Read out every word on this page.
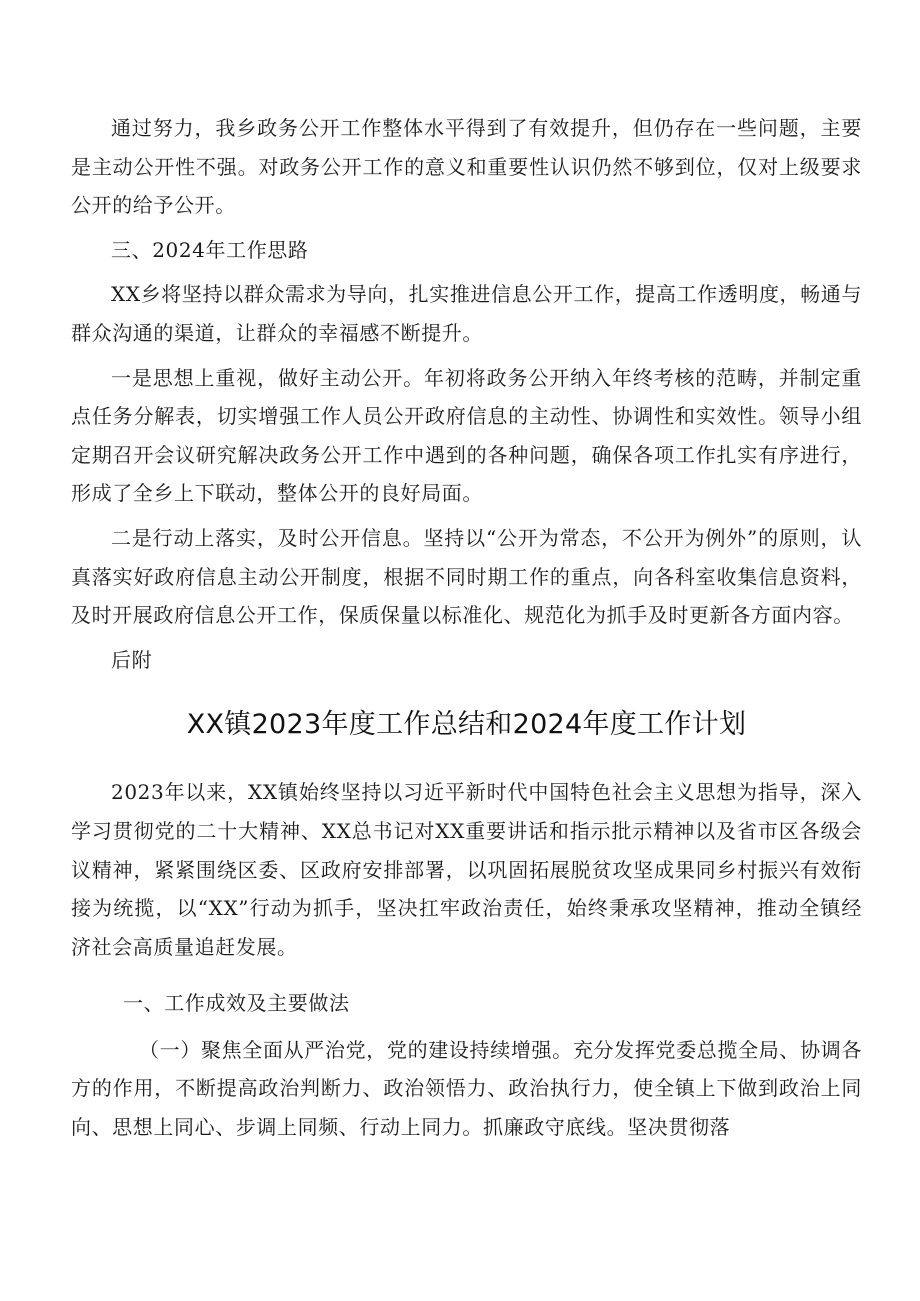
通过努力，我乡政务公开工作整体水平得到了有效提升，但仍存在一些问题，主要是主动公开性不强。对政务公开工作的意义和重要性认识仍然不够到位，仅对上级要求公开的给予公开。

三、2024年工作思路

XX乡将坚持以群众需求为导向，扎实推进信息公开工作，提高工作透明度，畅通与群众沟通的渠道，让群众的幸福感不断提升。

一是思想上重视，做好主动公开。年初将政务公开纳入年终考核的范畴，并制定重点任务分解表，切实增强工作人员公开政府信息的主动性、协调性和实效性。领导小组定期召开会议研究解决政务公开工作中遇到的各种问题，确保各项工作扎实有序进行，形成了全乡上下联动，整体公开的良好局面。

二是行动上落实，及时公开信息。坚持以“公开为常态，不公开为例外”的原则，认真落实好政府信息主动公开制度，根据不同时期工作的重点，向各科室收集信息资料，及时开展政府信息公开工作，保质保量以标准化、规范化为抓手及时更新各方面内容。

后附

XX镇2023年度工作总结和2024年度工作计划

2023年以来，XX镇始终坚持以习近平新时代中国特色社会主义思想为指导，深入学习贯彻党的二十大精神、XX总书记对XX重要讲话和指示批示精神以及省市区各级会议精神，紧紧围绕区委、区政府安排部署，以巩固拓展脱贫攻坚成果同乡村振兴有效衔接为统揽，以“XX”行动为抓手，坚决扛牢政治责任，始终秉承攻坚精神，推动全镇经济社会高质量追赶发展。

一、工作成效及主要做法

（一）聚焦全面从严治党，党的建设持续增强。充分发挥党委总揽全局、协调各方的作用，不断提高政治判断力、政治领悟力、政治执行力，使全镇上下做到政治上同向、思想上同心、步调上同频、行动上同力。抓廉政守底线。坚决贯彻落
